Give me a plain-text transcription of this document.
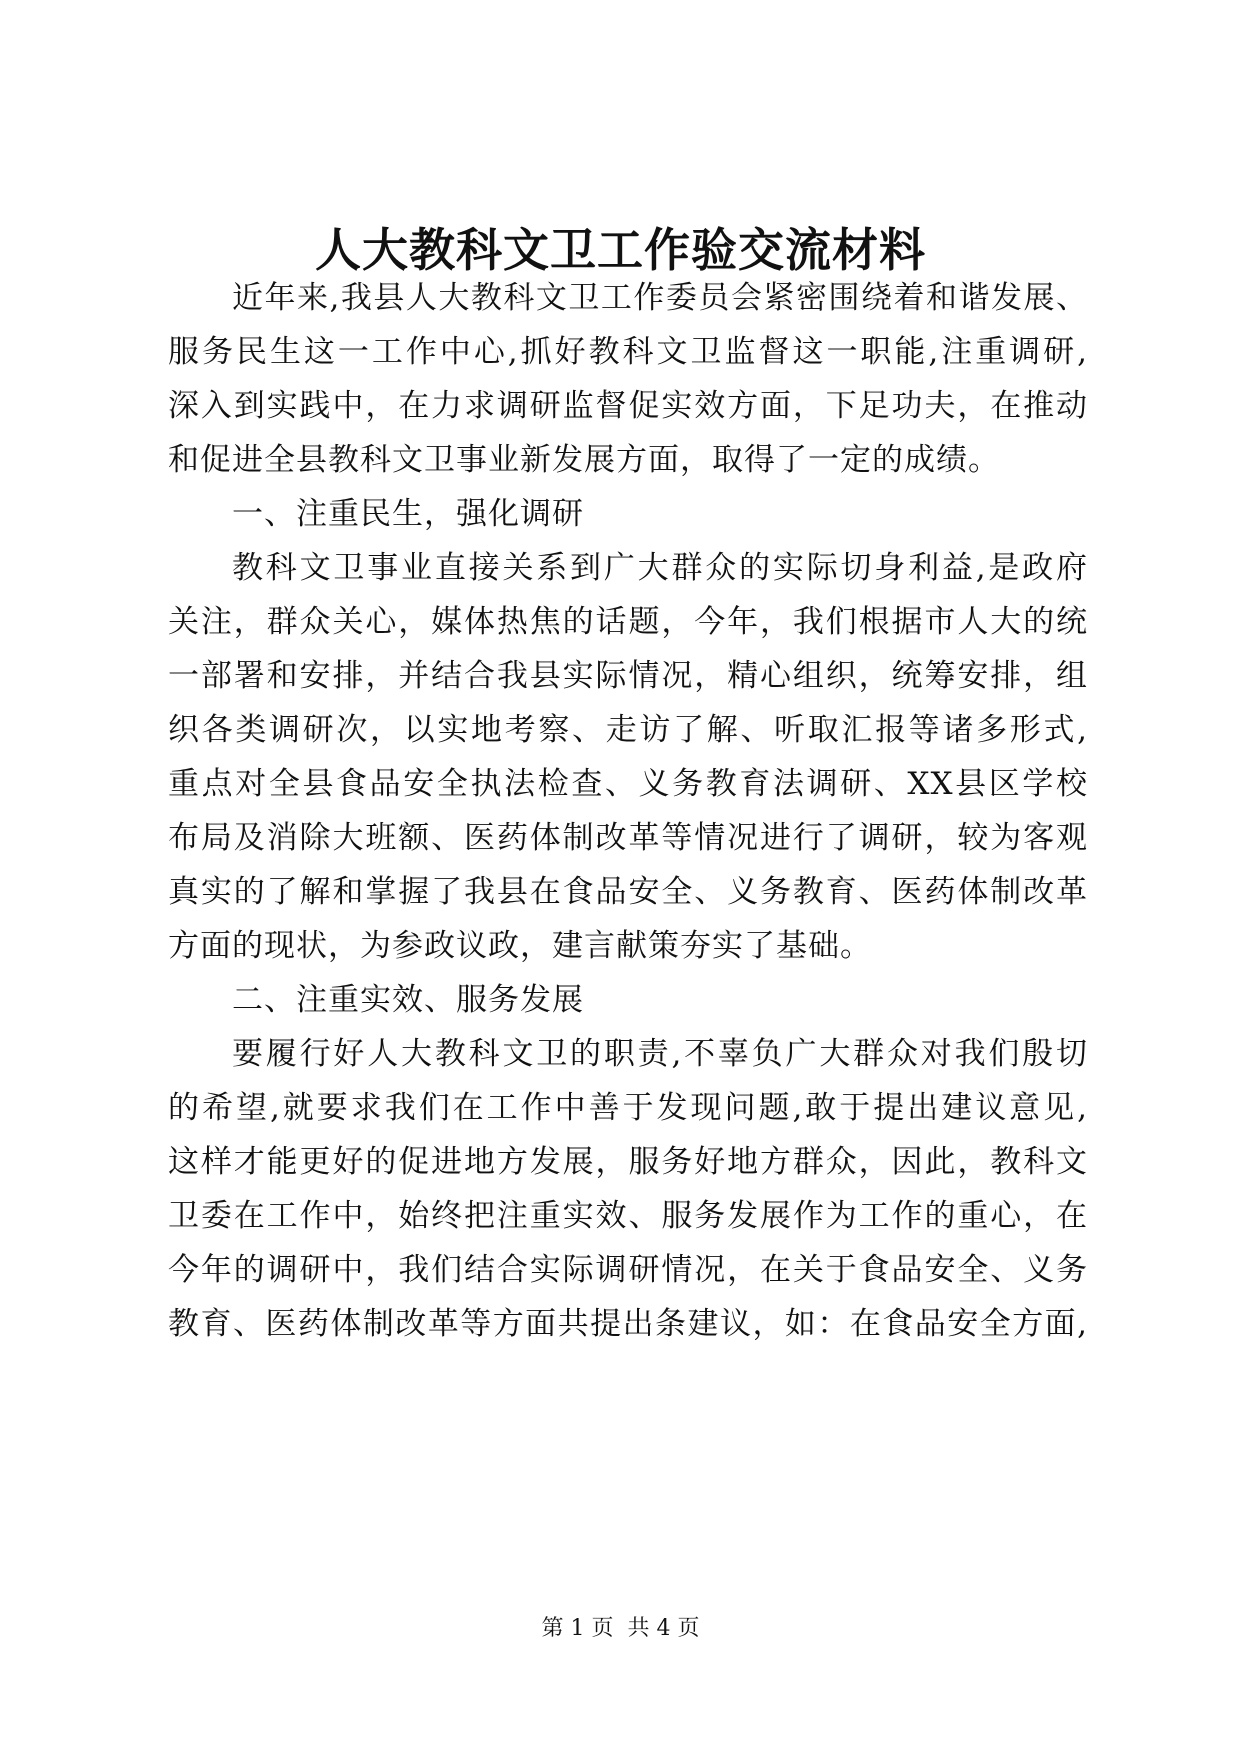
人大教科文卫工作验交流材料
近年来,我县人大教科文卫工作委员会紧密围绕着和谐发展、
服务民生这一工作中心,抓好教科文卫监督这一职能,注重调研,
深入到实践中，在力求调研监督促实效方面，下足功夫，在推动
和促进全县教科文卫事业新发展方面，取得了一定的成绩。
一、注重民生，强化调研
教科文卫事业直接关系到广大群众的实际切身利益,是政府
关注，群众关心，媒体热焦的话题，今年，我们根据市人大的统
一部署和安排，并结合我县实际情况，精心组织，统筹安排，组
织各类调研次，以实地考察、走访了解、听取汇报等诸多形式,
重点对全县食品安全执法检查、义务教育法调研、XX县区学校
布局及消除大班额、医药体制改革等情况进行了调研，较为客观
真实的了解和掌握了我县在食品安全、义务教育、医药体制改革
方面的现状，为参政议政，建言献策夯实了基础。
二、注重实效、服务发展
要履行好人大教科文卫的职责,不辜负广大群众对我们殷切
的希望,就要求我们在工作中善于发现问题,敢于提出建议意见,
这样才能更好的促进地方发展，服务好地方群众，因此，教科文
卫委在工作中，始终把注重实效、服务发展作为工作的重心，在
今年的调研中，我们结合实际调研情况，在关于食品安全、义务
教育、医药体制改革等方面共提出条建议，如：在食品安全方面,
第 1 页  共 4 页
